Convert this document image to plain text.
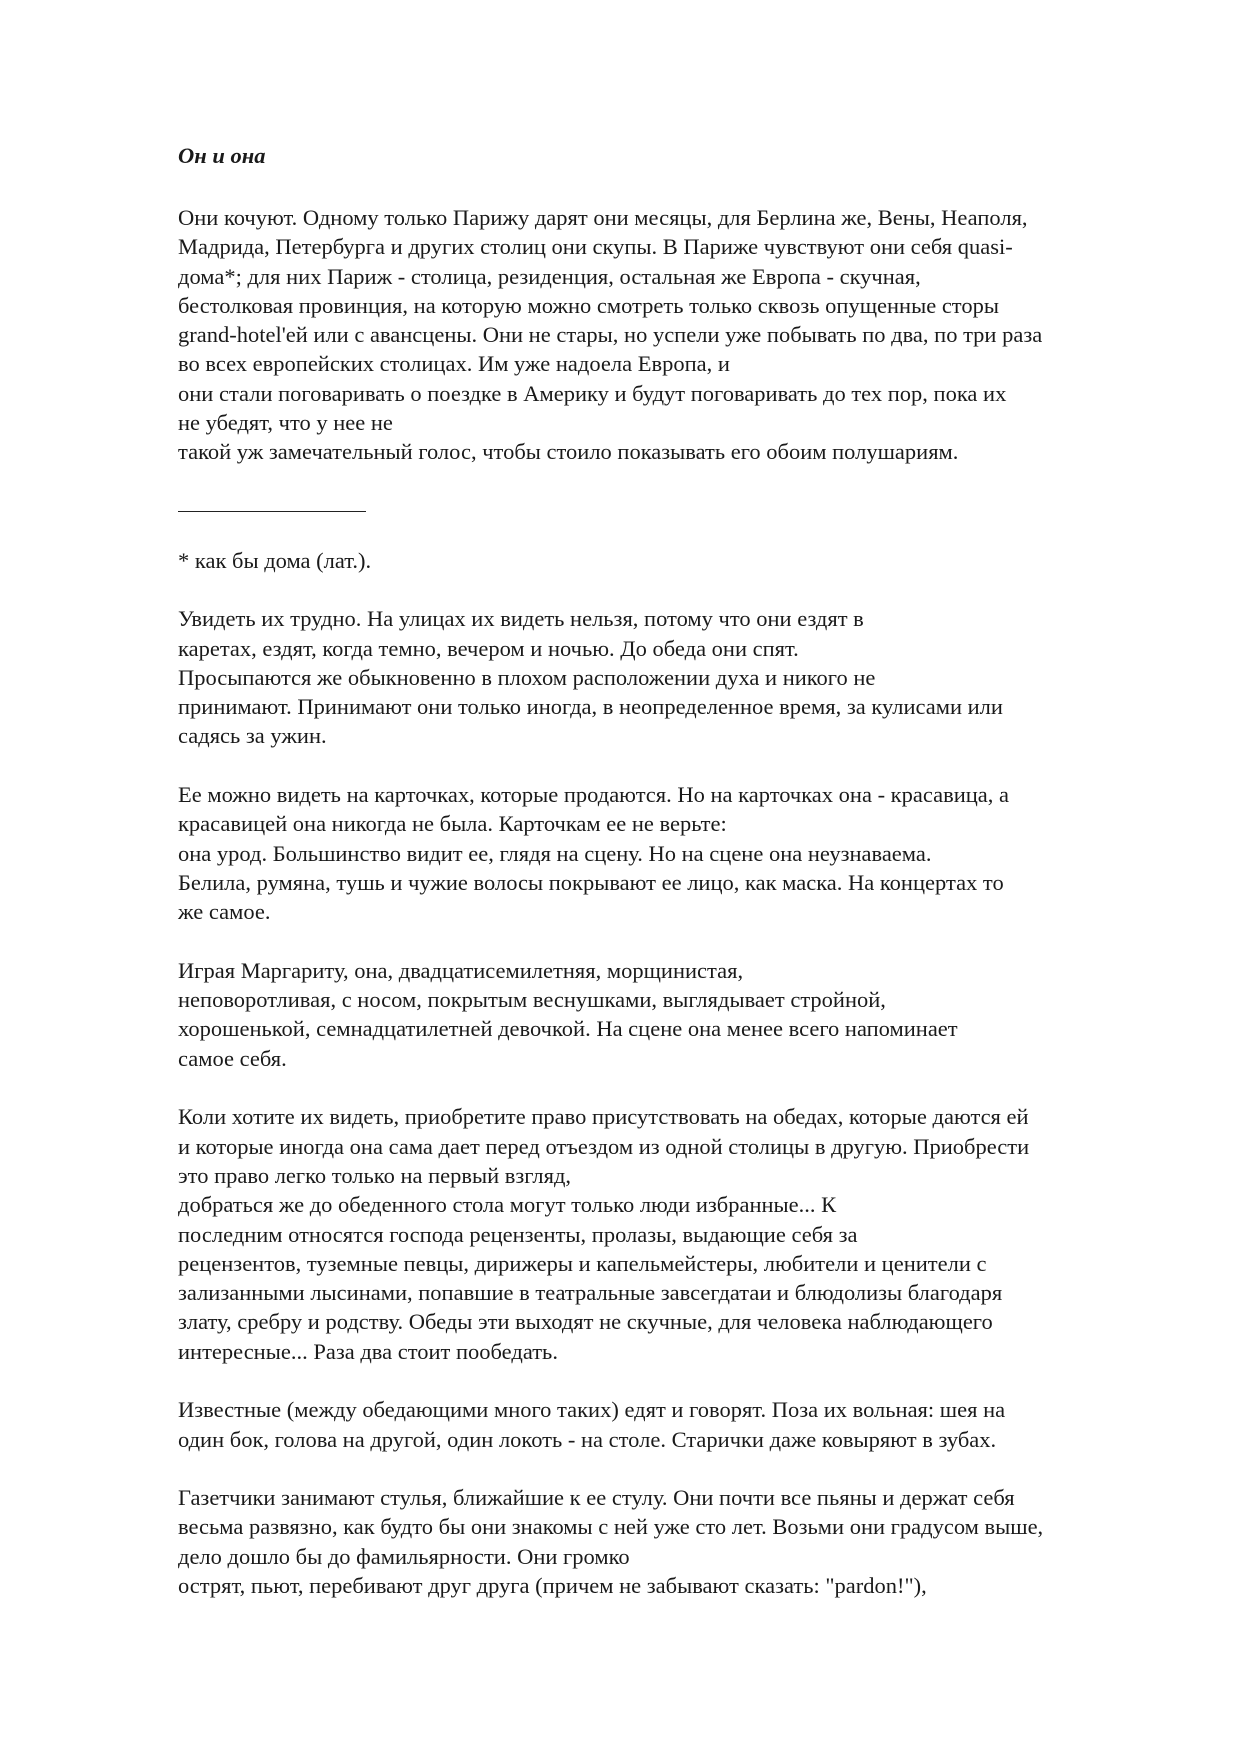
Он и она

Они кочуют. Одному только Парижу дарят они месяцы, для Берлина же, Вены, Неаполя,
Мадрида, Петербурга и других столиц они скупы. В Париже чувствуют они себя quasi-
дома*; для них Париж - столица, резиденция, остальная же Европа - скучная,
бестолковая провинция, на которую можно смотреть только сквозь опущенные сторы
grand-hotel'ей или с авансцены. Они не стары, но успели уже побывать по два, по три раза
во всех европейских столицах. Им уже надоела Европа, и
они стали поговаривать о поездке в Америку и будут поговаривать до тех пор, пока их
не убедят, что у нее не
такой уж замечательный голос, чтобы стоило показывать его обоим полушариям.

* как бы дома (лат.).

Увидеть их трудно. На улицах их видеть нельзя, потому что они ездят в
каретах, ездят, когда темно, вечером и ночью. До обеда они спят.
Просыпаются же обыкновенно в плохом расположении духа и никого не
принимают. Принимают они только иногда, в неопределенное время, за кулисами или
садясь за ужин.

Ее можно видеть на карточках, которые продаются. Но на карточках она - красавица, а
красавицей она никогда не была. Карточкам ее не верьте:
она урод. Большинство видит ее, глядя на сцену. Но на сцене она неузнаваема.
Белила, румяна, тушь и чужие волосы покрывают ее лицо, как маска. На концертах то
же самое.

Играя Маргариту, она, двадцатисемилетняя, морщинистая,
неповоротливая, с носом, покрытым веснушками, выглядывает стройной,
хорошенькой, семнадцатилетней девочкой. На сцене она менее всего напоминает
самое себя.

Коли хотите их видеть, приобретите право присутствовать на обедах, которые даются ей
и которые иногда она сама дает перед отъездом из одной столицы в другую. Приобрести
это право легко только на первый взгляд,
добраться же до обеденного стола могут только люди избранные... К
последним относятся господа рецензенты, пролазы, выдающие себя за
рецензентов, туземные певцы, дирижеры и капельмейстеры, любители и ценители с
зализанными лысинами, попавшие в театральные завсегдатаи и блюдолизы благодаря
злату, сребру и родству. Обеды эти выходят не скучные, для человека наблюдающего
интересные... Раза два стоит пообедать.

Известные (между обедающими много таких) едят и говорят. Поза их вольная: шея на
один бок, голова на другой, один локоть - на столе. Старички даже ковыряют в зубах.

Газетчики занимают стулья, ближайшие к ее стулу. Они почти все пьяны и держат себя
весьма развязно, как будто бы они знакомы с ней уже сто лет. Возьми они градусом выше,
дело дошло бы до фамильярности. Они громко
острят, пьют, перебивают друг друга (причем не забывают сказать: "pardon!"),
